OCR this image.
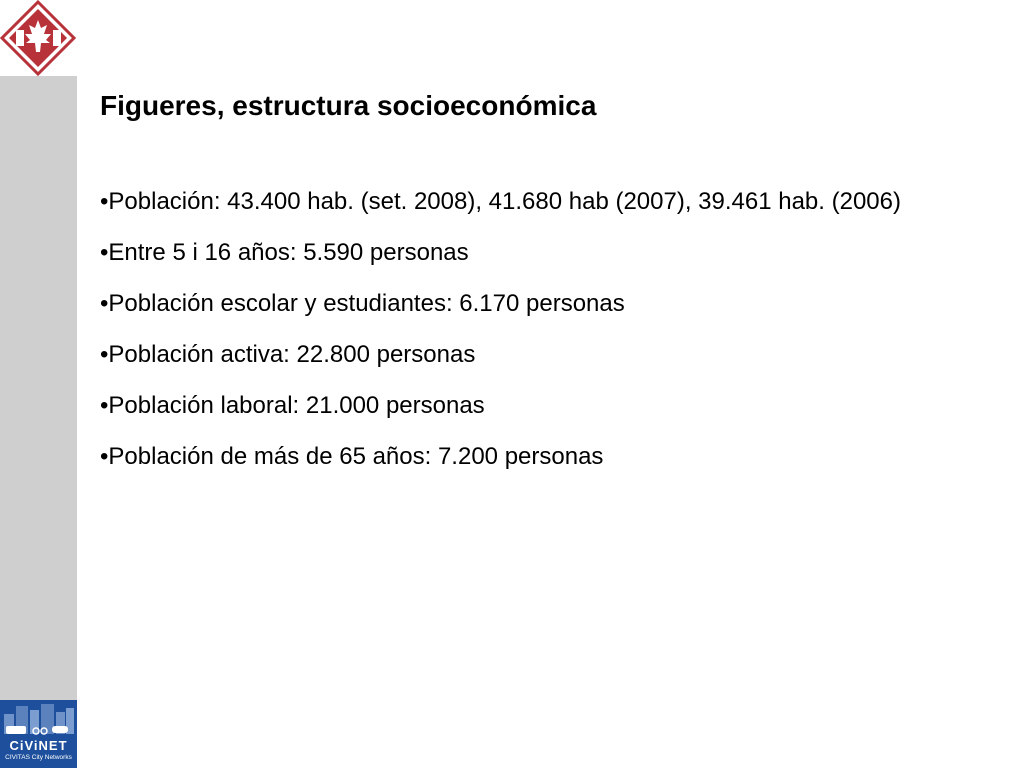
Figueres, estructura socioeconómica
• Población: 43.400 hab. (set. 2008), 41.680 hab (2007), 39.461 hab. (2006)
• Entre 5 i 16 años: 5.590 personas
• Población escolar y estudiantes: 6.170 personas
• Población activa: 22.800 personas
• Población laboral: 21.000 personas
• Población de más de 65 años: 7.200 personas
CiViNET
CIVITAS City Networks
